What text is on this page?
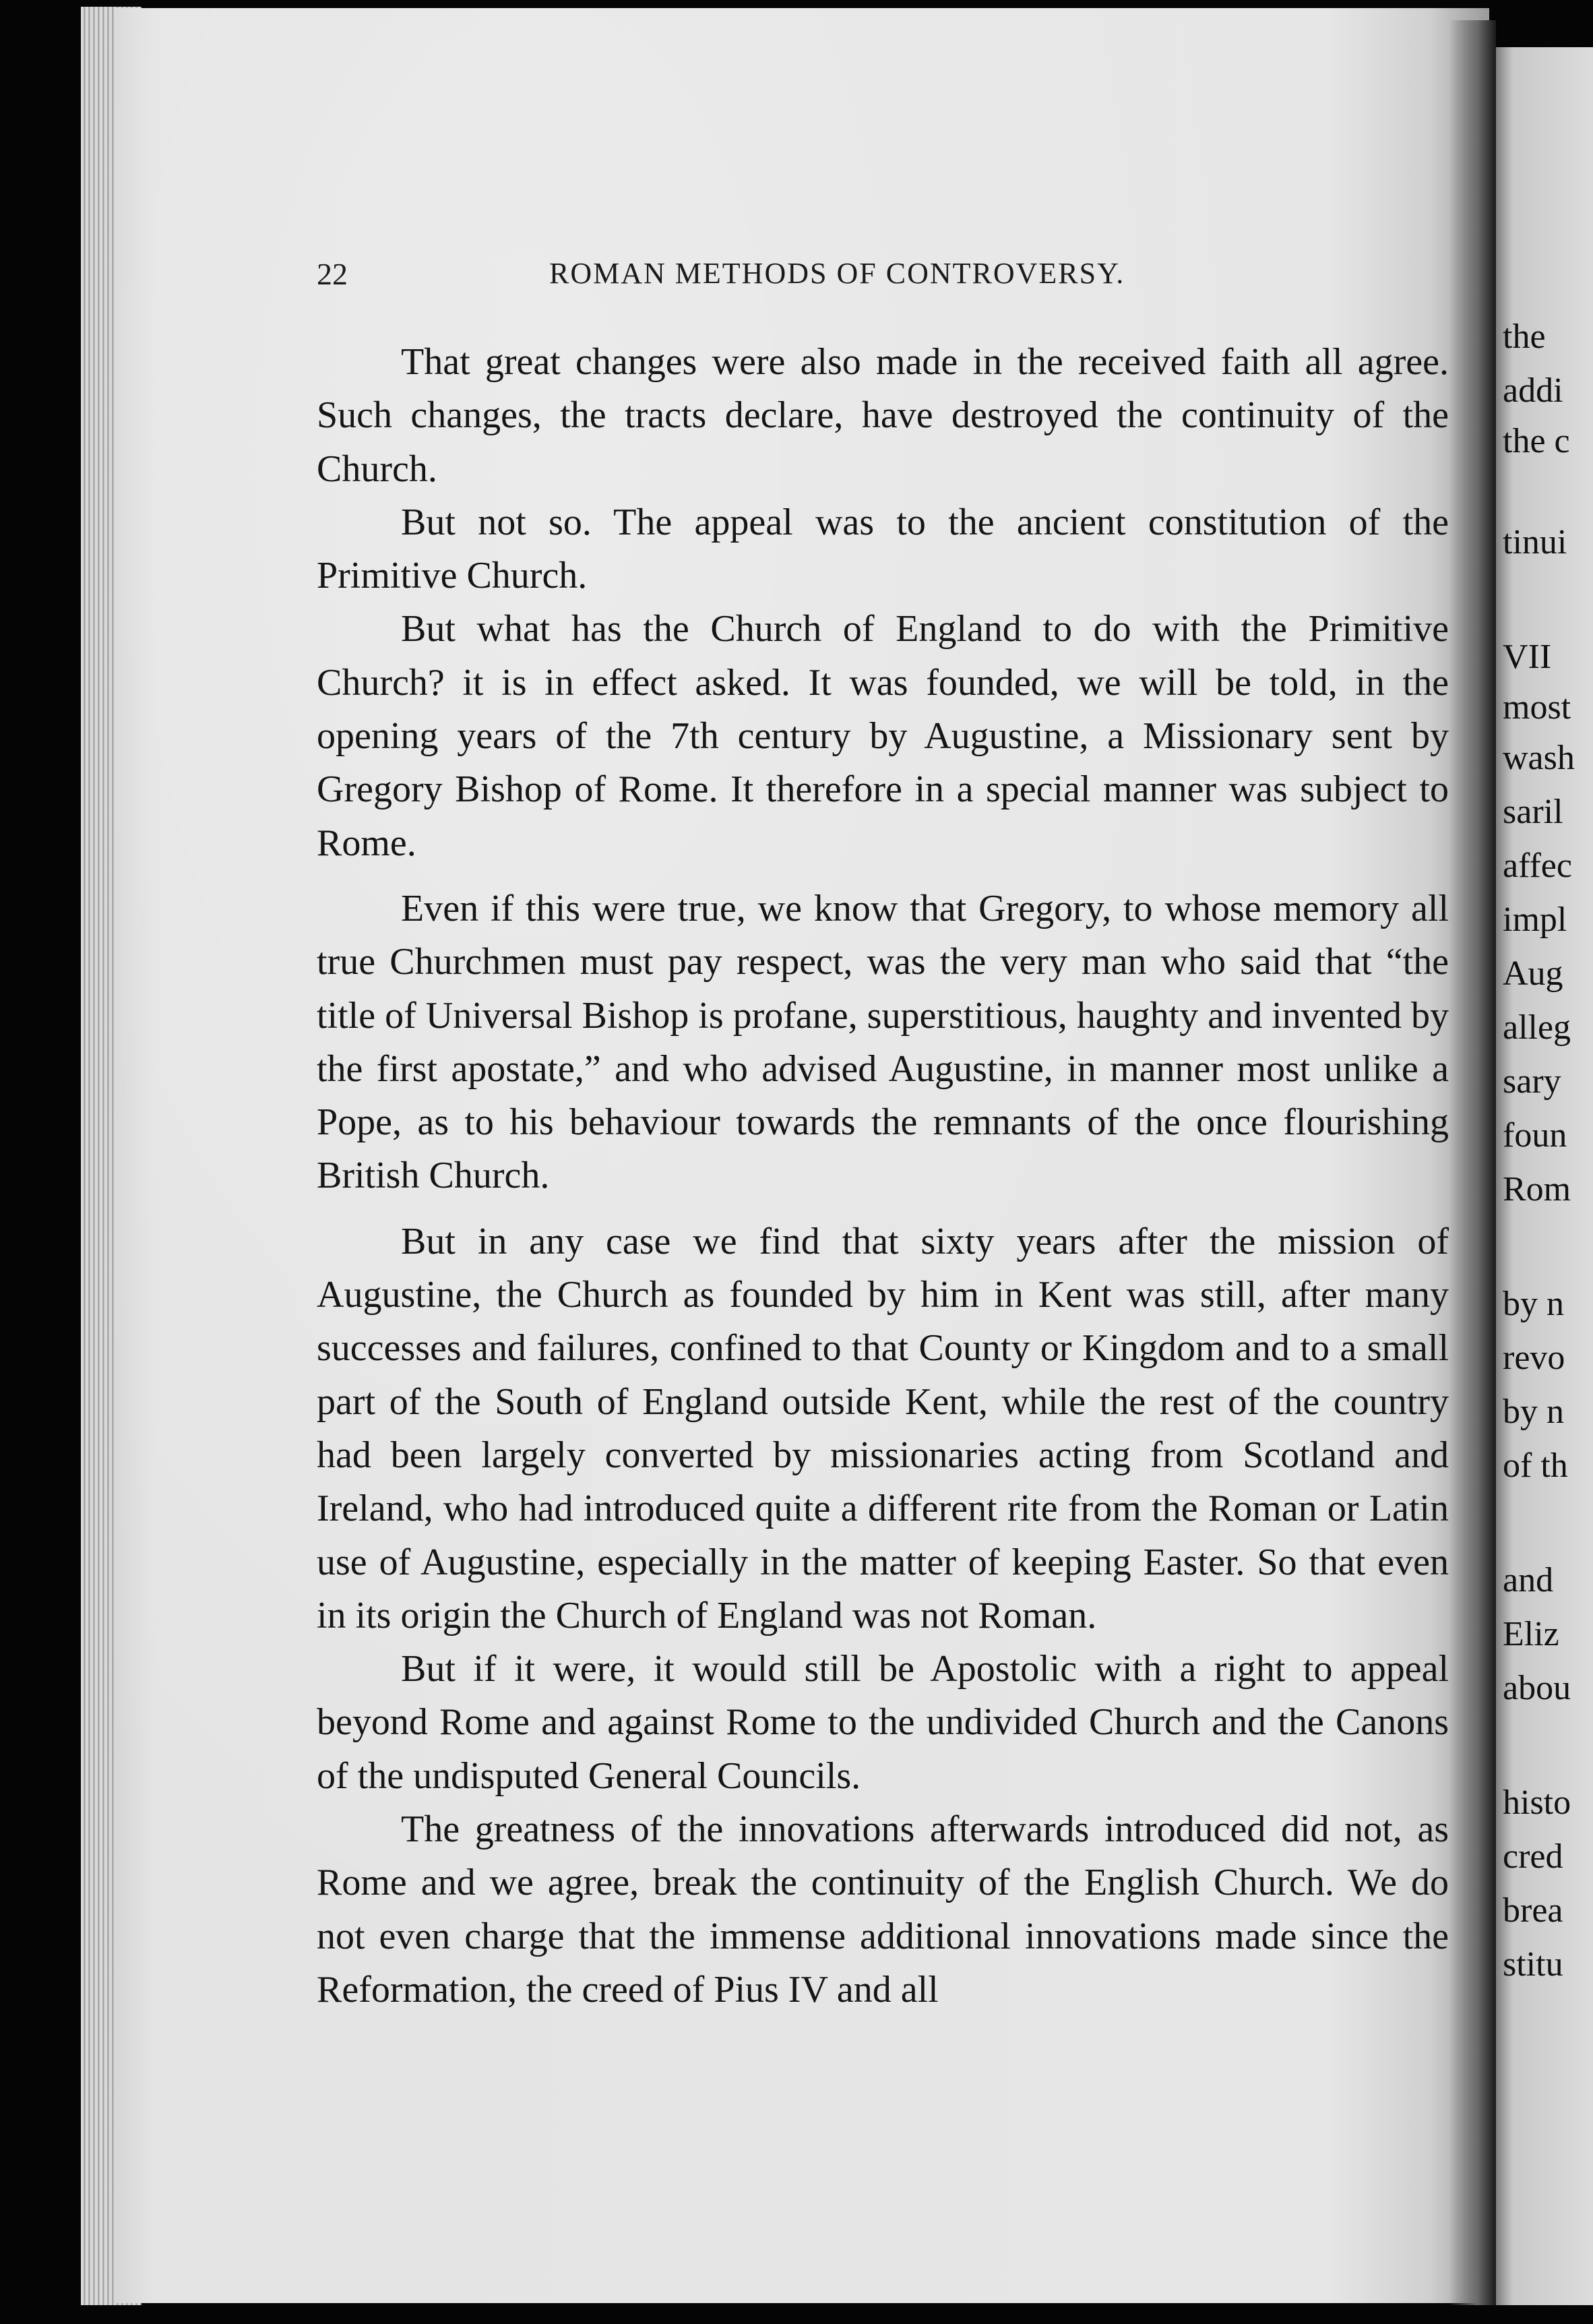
22	ROMAN METHODS OF CONTROVERSY.

That great changes were also made in the received faith all agree. Such changes, the tracts declare, have destroyed the continuity of the Church.

But not so. The appeal was to the ancient constitution of the Primitive Church.

But what has the Church of England to do with the Primitive Church? it is in effect asked. It was founded, we will be told, in the opening years of the 7th century by Augustine, a Missionary sent by Gregory Bishop of Rome. It therefore in a special manner was subject to Rome.

Even if this were true, we know that Gregory, to whose memory all true Churchmen must pay respect, was the very man who said that “the title of Universal Bishop is profane, superstitious, haughty and invented by the first apostate,” and who advised Augustine, in manner most unlike a Pope, as to his behaviour towards the remnants of the once flourishing British Church.

But in any case we find that sixty years after the mission of Augustine, the Church as founded by him in Kent was still, after many successes and failures, confined to that County or Kingdom and to a small part of the South of England outside Kent, while the rest of the country had been largely converted by missionaries acting from Scotland and Ireland, who had introduced quite a different rite from the Roman or Latin use of Augustine, especially in the matter of keeping Easter. So that even in its origin the Church of England was not Roman.

But if it were, it would still be Apostolic with a right to appeal beyond Rome and against Rome to the undivided Church and the Canons of the undisputed General Councils.

The greatness of the innovations afterwards introduced did not, as Rome and we agree, break the continuity of the English Church. We do not even charge that the immense additional innovations made since the Reformation, the creed of Pius IV and all

the
addi
the c
tinui
VII
most
wash
saril
affec
impl
Aug
alleg
sary
foun
Rom
by n
revo
by n
of th
and
Eliz
abou
histo
cred
brea
stitu
